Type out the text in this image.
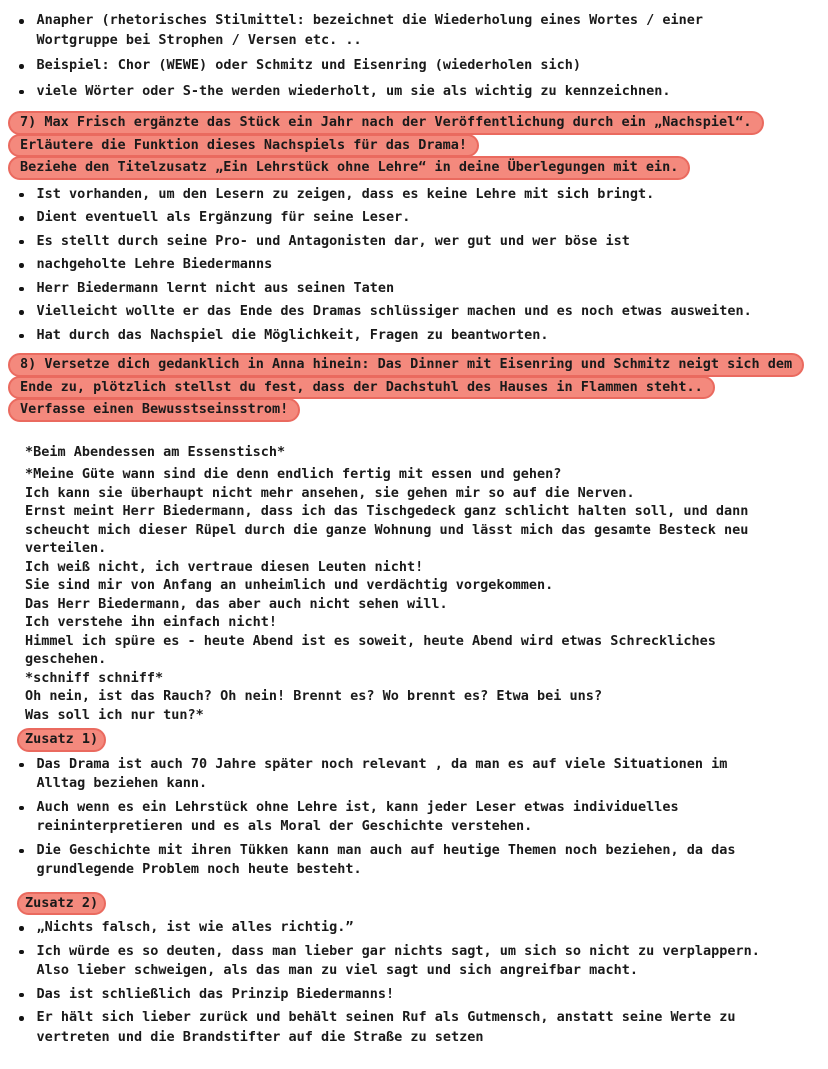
Anapher (rhetorisches Stilmittel: bezeichnet die Wiederholung eines Wortes / einer
Wortgruppe bei Strophen / Versen etc. ..
Beispiel: Chor (WEWE) oder Schmitz und Eisenring (wiederholen sich)
viele Wörter oder S-the werden wiederholt, um sie als wichtig zu kennzeichnen.
7) Max Frisch ergänzte das Stück ein Jahr nach der Veröffentlichung durch ein „Nachspiel“.
Erläutere die Funktion dieses Nachspiels für das Drama!
Beziehe den Titelzusatz „Ein Lehrstück ohne Lehre“ in deine Überlegungen mit ein.
Ist vorhanden, um den Lesern zu zeigen, dass es keine Lehre mit sich bringt.
Dient eventuell als Ergänzung für seine Leser.
Es stellt durch seine Pro- und Antagonisten dar, wer gut und wer böse ist
nachgeholte Lehre Biedermanns
Herr Biedermann lernt nicht aus seinen Taten
Vielleicht wollte er das Ende des Dramas schlüssiger machen und es noch etwas ausweiten.
Hat durch das Nachspiel die Möglichkeit, Fragen zu beantworten.
8) Versetze dich gedanklich in Anna hinein: Das Dinner mit Eisenring und Schmitz neigt sich dem
Ende zu, plötzlich stellst du fest, dass der Dachstuhl des Hauses in Flammen steht..
Verfasse einen Bewusstseinsstrom!
*Beim Abendessen am Essenstisch*
*Meine Güte wann sind die denn endlich fertig mit essen und gehen?
Ich kann sie überhaupt nicht mehr ansehen, sie gehen mir so auf die Nerven.
Ernst meint Herr Biedermann, dass ich das Tischgedeck ganz schlicht halten soll, und dann
scheucht mich dieser Rüpel durch die ganze Wohnung und lässt mich das gesamte Besteck neu
verteilen.
Ich weiß nicht, ich vertraue diesen Leuten nicht!
Sie sind mir von Anfang an unheimlich und verdächtig vorgekommen.
Das Herr Biedermann, das aber auch nicht sehen will.
Ich verstehe ihn einfach nicht!
Himmel ich spüre es - heute Abend ist es soweit, heute Abend wird etwas Schreckliches
geschehen.
*schniff schniff*
Oh nein, ist das Rauch? Oh nein! Brennt es? Wo brennt es? Etwa bei uns?
Was soll ich nur tun?*
Zusatz 1)
Das Drama ist auch 70 Jahre später noch relevant , da man es auf viele Situationen im
Alltag beziehen kann.
Auch wenn es ein Lehrstück ohne Lehre ist, kann jeder Leser etwas individuelles
reininterpretieren und es als Moral der Geschichte verstehen.
Die Geschichte mit ihren Tükken kann man auch auf heutige Themen noch beziehen, da das
grundlegende Problem noch heute besteht.
Zusatz 2)
„Nichts falsch, ist wie alles richtig.”
Ich würde es so deuten, dass man lieber gar nichts sagt, um sich so nicht zu verplappern.
Also lieber schweigen, als das man zu viel sagt und sich angreifbar macht.
Das ist schließlich das Prinzip Biedermanns!
Er hält sich lieber zurück und behält seinen Ruf als Gutmensch, anstatt seine Werte zu
vertreten und die Brandstifter auf die Straße zu setzen
